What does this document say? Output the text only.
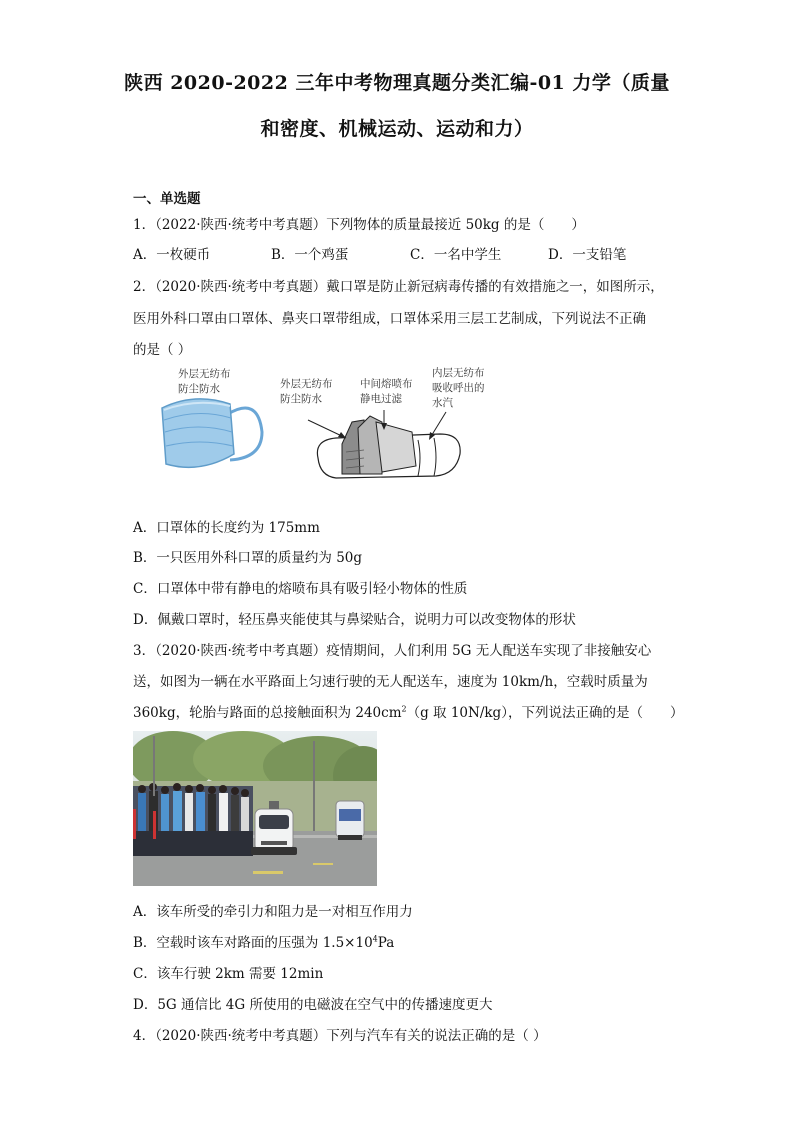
陕西 2020-2022 三年中考物理真题分类汇编-01 力学（质量
和密度、机械运动、运动和力）
一、单选题
1．（2022·陕西·统考中考真题）下列物体的质量最接近 50kg 的是（　　）
A．一枚硬币	B．一个鸡蛋	C．一名中学生	D．一支铅笔
2．（2020·陕西·统考中考真题）戴口罩是防止新冠病毒传播的有效措施之一，如图所示，
医用外科口罩由口罩体、鼻夹口罩带组成，口罩体采用三层工艺制成，下列说法不正确
的是（ ）
外层无纺布
防尘防水	外层无纺布
防尘防水
中间熔喷布
静电过滤
内层无纺布
吸收呼出的
水汽
A．口罩体的长度约为 175mm
B．一只医用外科口罩的质量约为 50g
C．口罩体中带有静电的熔喷布具有吸引轻小物体的性质
D．佩戴口罩时，轻压鼻夹能使其与鼻梁贴合，说明力可以改变物体的形状
3．（2020·陕西·统考中考真题）疫情期间，人们利用 5G 无人配送车实现了非接触安心
送，如图为一辆在水平路面上匀速行驶的无人配送车，速度为 10km/h，空载时质量为
360kg，轮胎与路面的总接触面积为 $240cm^2(g$ 取 10N/kg），下列说法正确的是（　　）
A．该车所受的牵引力和阻力是一对相互作用力
B．空载时该车对路面的压强为 $1.5\times 10^4Pa$
C．该车行驶 2km 需要 12min
D．5G 通信比 4G 所使用的电磁波在空气中的传播速度更大
4．（2020·陕西·统考中考真题）下列与汽车有关的说法正确的是（ ）
